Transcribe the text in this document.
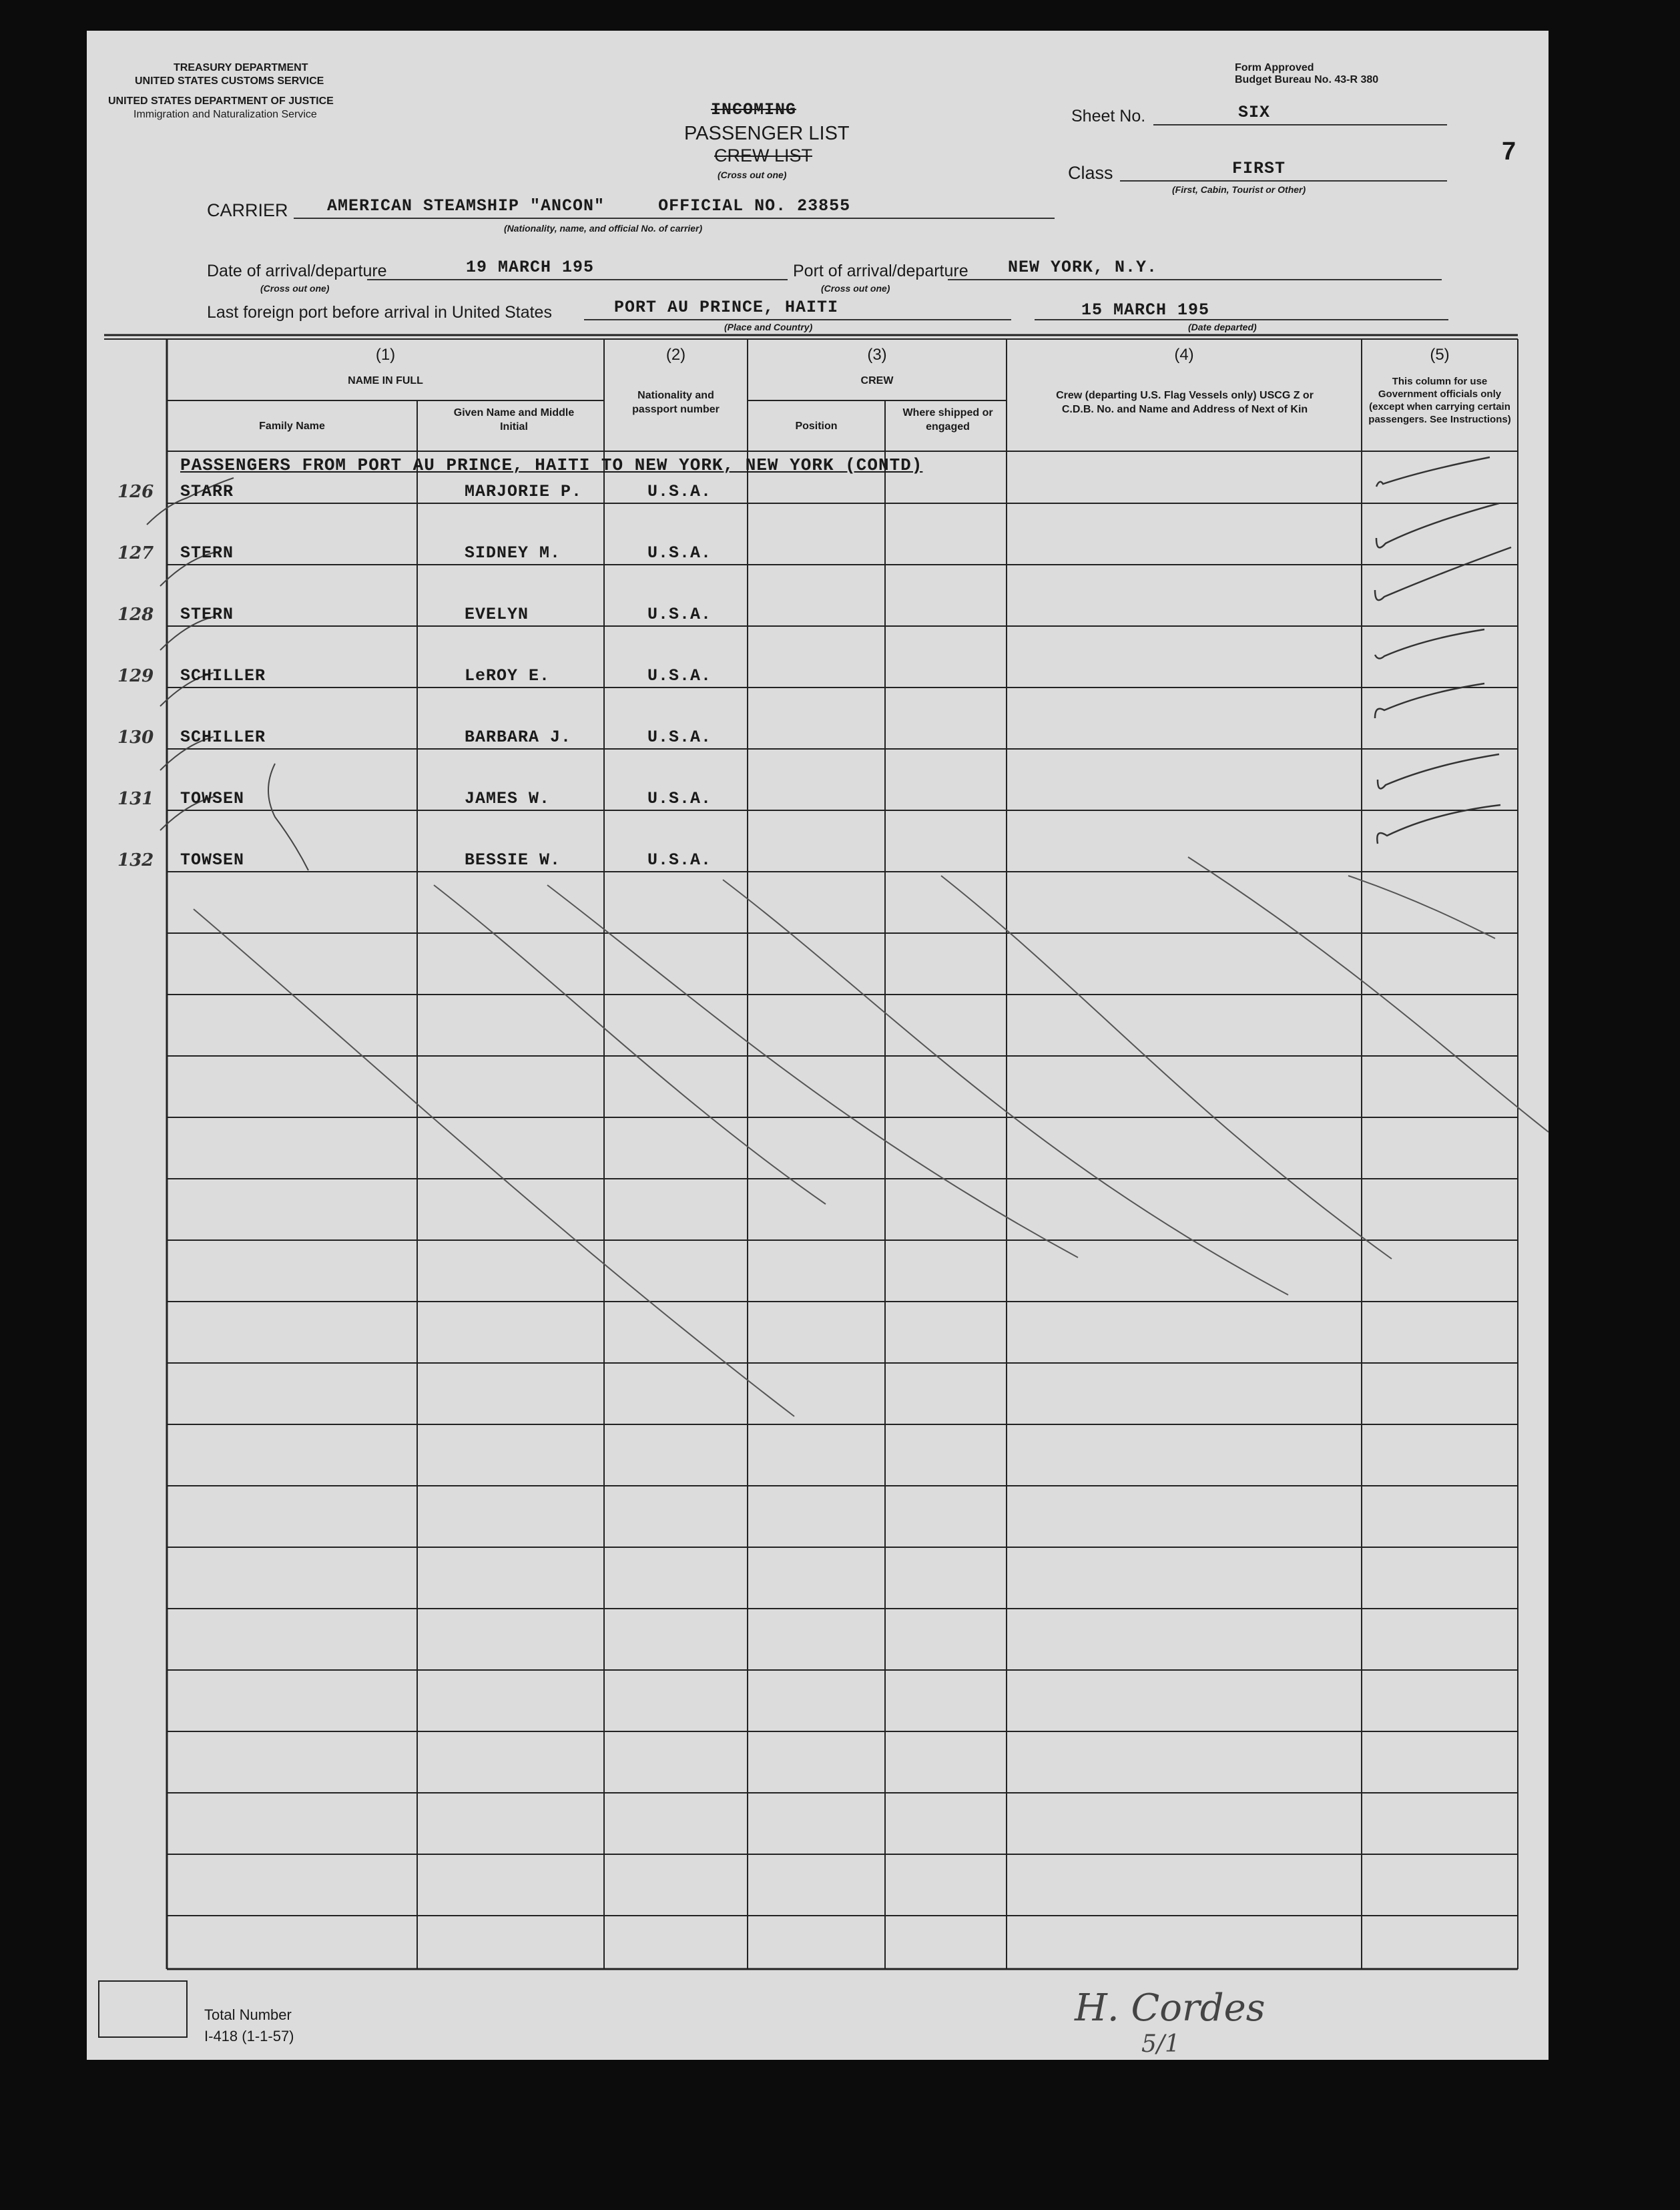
TREASURY DEPARTMENT
UNITED STATES CUSTOMS SERVICE
UNITED STATES DEPARTMENT OF JUSTICE
Immigration and Naturalization Service
Form Approved
Budget Bureau No. 43-R 380
INCOMING
PASSENGER LIST
CREW LIST
(Cross out one)
Sheet No.	SIX
Class	FIRST
(First, Cabin, Tourist or Other)
7
CARRIER AMERICAN STEAMSHIP "ANCON"     OFFICIAL NO. 23855
(Nationality, name, and official No. of carrier)
Date of arrival/departure	19 MARCH 195
(Cross out one)
Port of arrival/departure NEW YORK, N.Y.
(Cross out one)
Last foreign port before arrival in United States	PORT AU PRINCE, HAITI
(Place and Country)
15 MARCH 195
(Date departed)
(1)
NAME IN FULL
Family Name
Given Name and Middle Initial
(2)
Nationality and passport number
(3)
CREW
Position
Where shipped or engaged
(4)
Crew (departing U.S. Flag Vessels only) USCG Z or C.D.B. No. and Name and Address of Next of Kin
(5)
This column for use Government officials only (except when carrying certain passengers. See Instructions)
PASSENGERS FROM PORT AU PRINCE, HAITI TO NEW YORK, NEW YORK (CONTD)
126 STARR	MARJORIE P.	U.S.A.
127 STERN	SIDNEY M.	U.S.A.
128 STERN	EVELYN	U.S.A.
129 SCHILLER	LeROY E.	U.S.A.
130 SCHILLER	BARBARA J.	U.S.A.
131 TOWSEN	JAMES W.	U.S.A.
132 TOWSEN	BESSIE W.	U.S.A.
Total Number
I-418 (1-1-57)
H. Cordes
5/1
